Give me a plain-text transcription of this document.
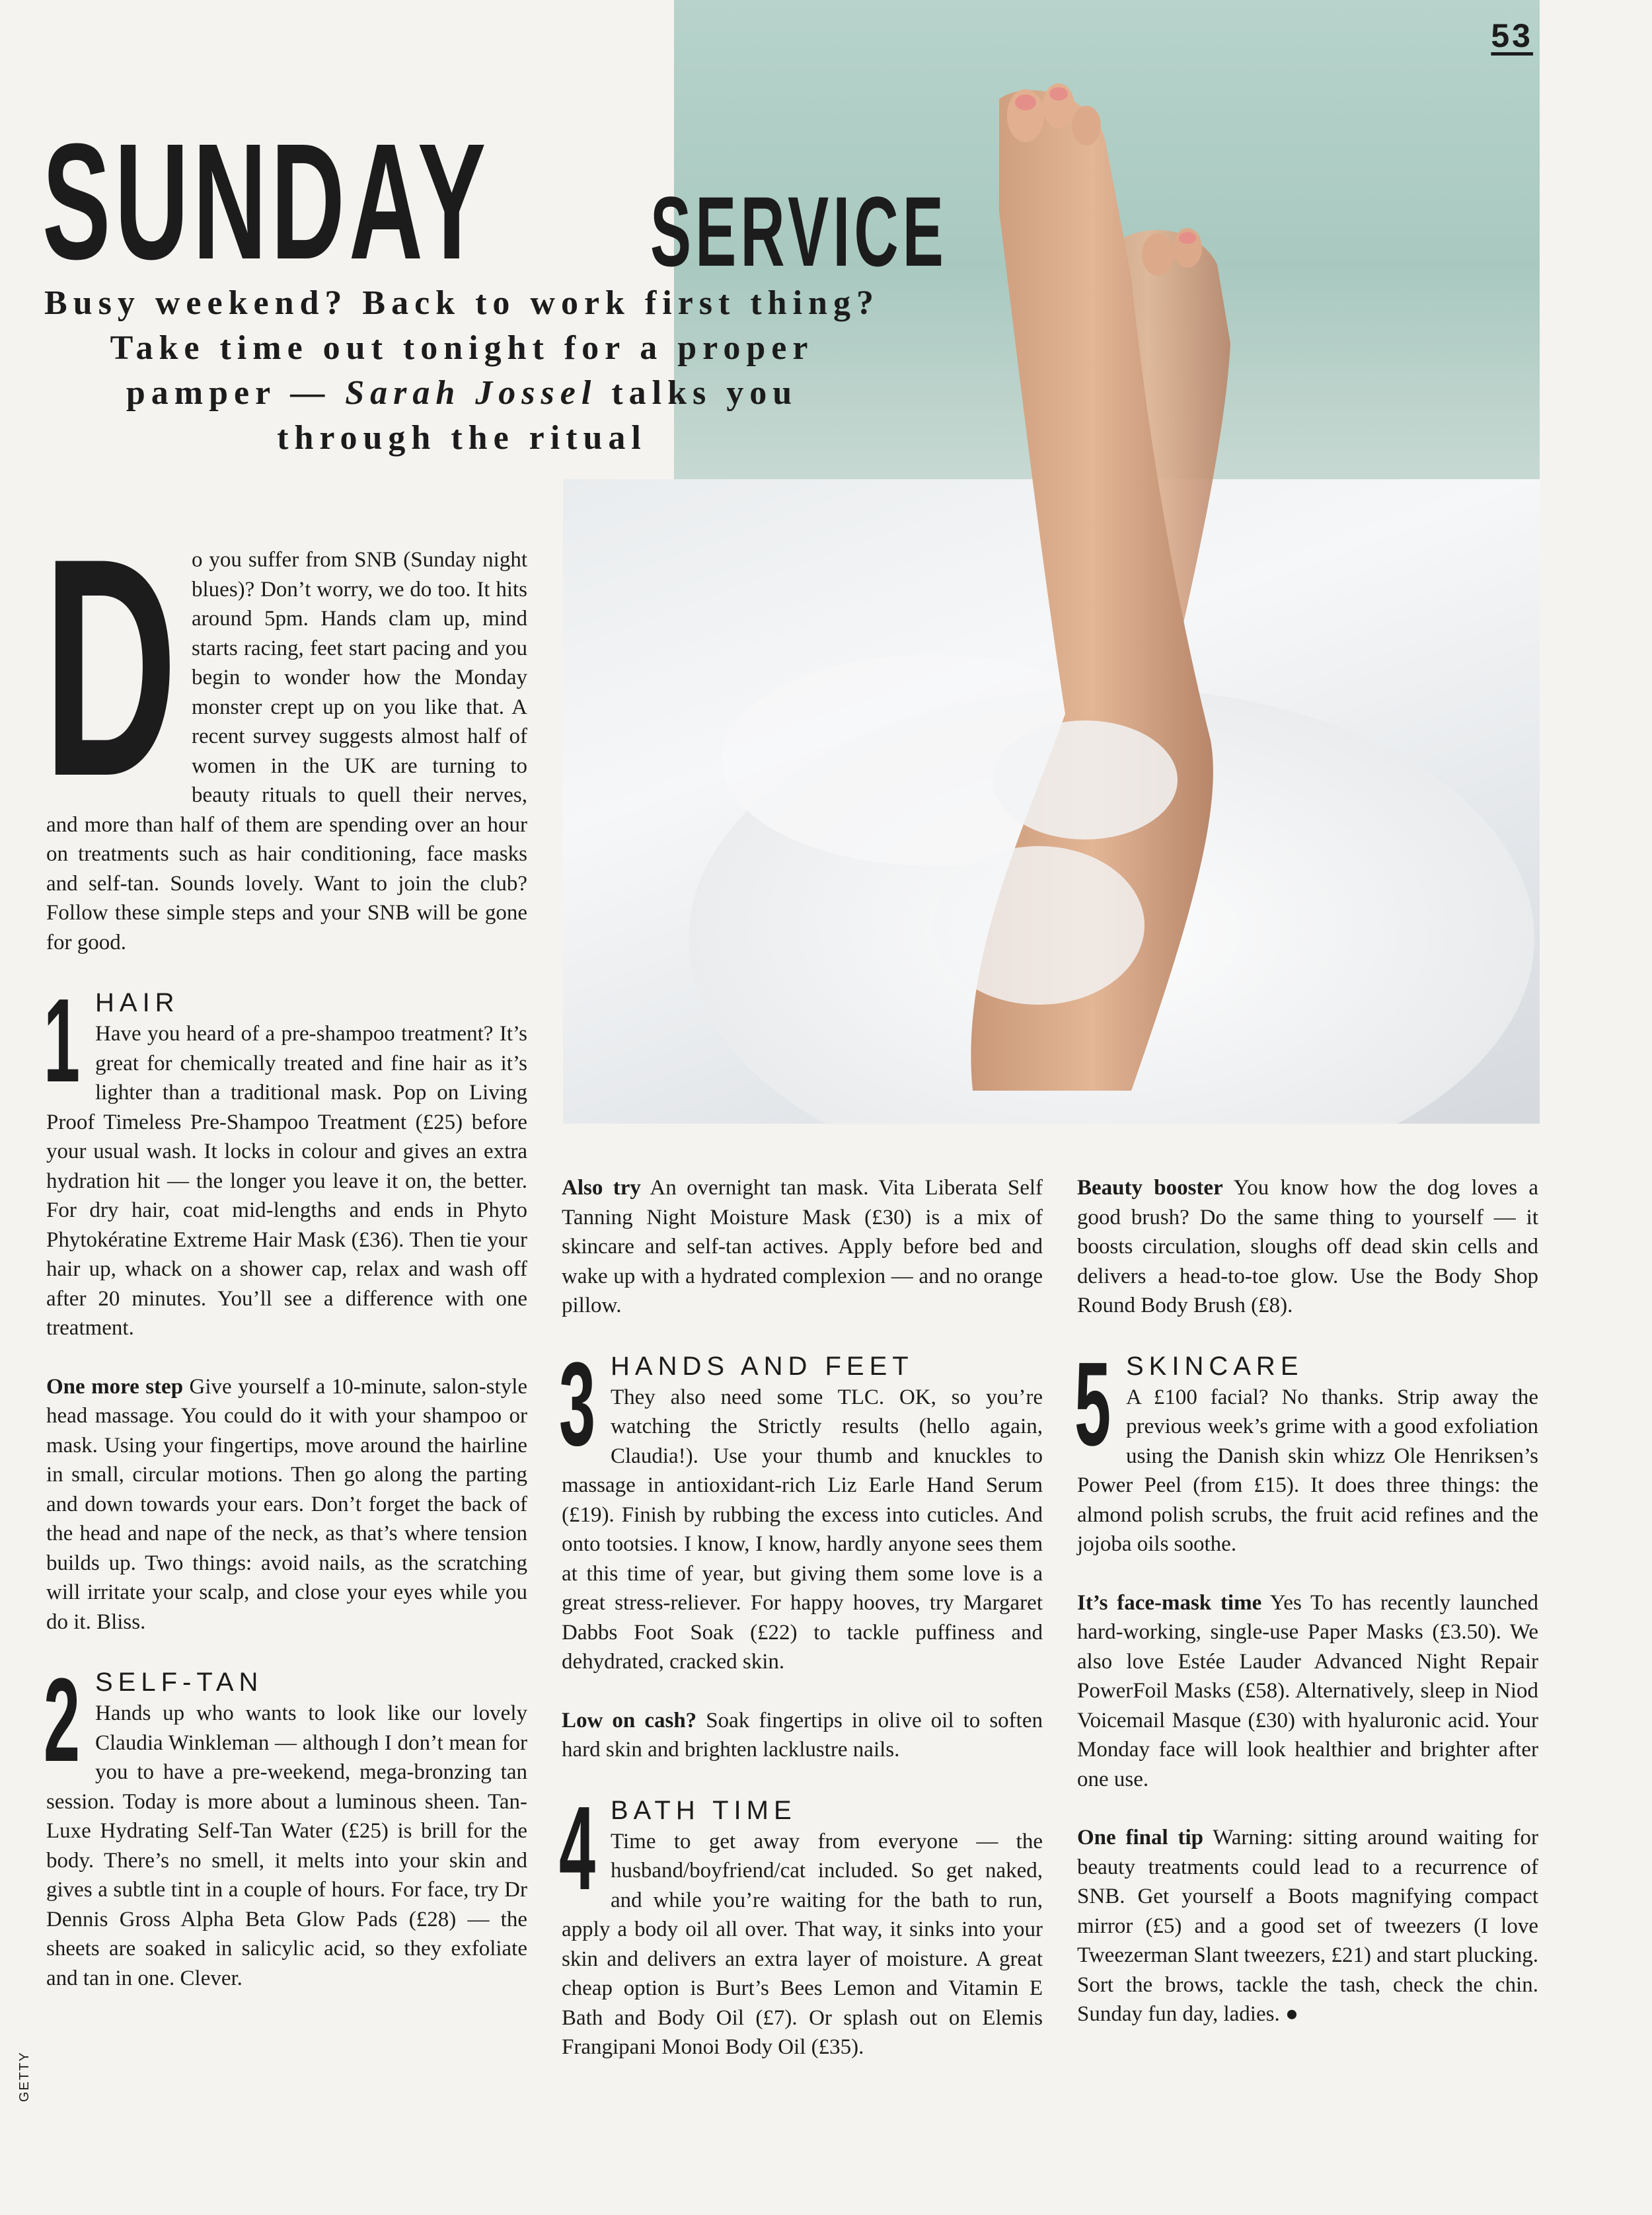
53
SUNDAY SERVICE
Busy weekend? Back to work first thing? Take time out tonight for a proper pamper — Sarah Jossel talks you through the ritual

Do you suffer from SNB (Sunday night blues)? Don’t worry, we do too. It hits around 5pm. Hands clam up, mind starts racing, feet start pacing and you begin to wonder how the Monday monster crept up on you like that. A recent survey suggests almost half of women in the UK are turning to beauty rituals to quell their nerves, and more than half of them are spending over an hour on treatments such as hair conditioning, face masks and self-tan. Sounds lovely. Want to join the club? Follow these simple steps and your SNB will be gone for good.

1 HAIR
Have you heard of a pre-shampoo treatment? It’s great for chemically treated and fine hair as it’s lighter than a traditional mask. Pop on Living Proof Timeless Pre-Shampoo Treatment (£25) before your usual wash. It locks in colour and gives an extra hydration hit — the longer you leave it on, the better. For dry hair, coat mid-lengths and ends in Phyto Phytokératine Extreme Hair Mask (£36). Then tie your hair up, whack on a shower cap, relax and wash off after 20 minutes. You’ll see a difference with one treatment.

One more step Give yourself a 10-minute, salon-style head massage. You could do it with your shampoo or mask. Using your fingertips, move around the hairline in small, circular motions. Then go along the parting and down towards your ears. Don’t forget the back of the head and nape of the neck, as that’s where tension builds up. Two things: avoid nails, as the scratching will irritate your scalp, and close your eyes while you do it. Bliss.

2 SELF-TAN
Hands up who wants to look like our lovely Claudia Winkleman — although I don’t mean for you to have a pre-weekend, mega-bronzing tan session. Today is more about a luminous sheen. Tan-Luxe Hydrating Self-Tan Water (£25) is brill for the body. There’s no smell, it melts into your skin and gives a subtle tint in a couple of hours. For face, try Dr Dennis Gross Alpha Beta Glow Pads (£28) — the sheets are soaked in salicylic acid, so they exfoliate and tan in one. Clever.

Also try An overnight tan mask. Vita Liberata Self Tanning Night Moisture Mask (£30) is a mix of skincare and self-tan actives. Apply before bed and wake up with a hydrated complexion — and no orange pillow.

3 HANDS AND FEET
They also need some TLC. OK, so you’re watching the Strictly results (hello again, Claudia!). Use your thumb and knuckles to massage in antioxidant-rich Liz Earle Hand Serum (£19). Finish by rubbing the excess into cuticles. And onto tootsies. I know, I know, hardly anyone sees them at this time of year, but giving them some love is a great stress-reliever. For happy hooves, try Margaret Dabbs Foot Soak (£22) to tackle puffiness and dehydrated, cracked skin.

Low on cash? Soak fingertips in olive oil to soften hard skin and brighten lacklustre nails.

4 BATH TIME
Time to get away from everyone — the husband/boyfriend/cat included. So get naked, and while you’re waiting for the bath to run, apply a body oil all over. That way, it sinks into your skin and delivers an extra layer of moisture. A great cheap option is Burt’s Bees Lemon and Vitamin E Bath and Body Oil (£7). Or splash out on Elemis Frangipani Monoi Body Oil (£35).

Beauty booster You know how the dog loves a good brush? Do the same thing to yourself — it boosts circulation, sloughs off dead skin cells and delivers a head-to-toe glow. Use the Body Shop Round Body Brush (£8).

5 SKINCARE
A £100 facial? No thanks. Strip away the previous week’s grime with a good exfoliation using the Danish skin whizz Ole Henriksen’s Power Peel (from £15). It does three things: the almond polish scrubs, the fruit acid refines and the jojoba oils soothe.

It’s face-mask time Yes To has recently launched hard-working, single-use Paper Masks (£3.50). We also love Estée Lauder Advanced Night Repair PowerFoil Masks (£58). Alternatively, sleep in Niod Voicemail Masque (£30) with hyaluronic acid. Your Monday face will look healthier and brighter after one use.

One final tip Warning: sitting around waiting for beauty treatments could lead to a recurrence of SNB. Get yourself a Boots magnifying compact mirror (£5) and a good set of tweezers (I love Tweezerman Slant tweezers, £21) and start plucking. Sort the brows, tackle the tash, check the chin. Sunday fun day, ladies. ●

GETTY
